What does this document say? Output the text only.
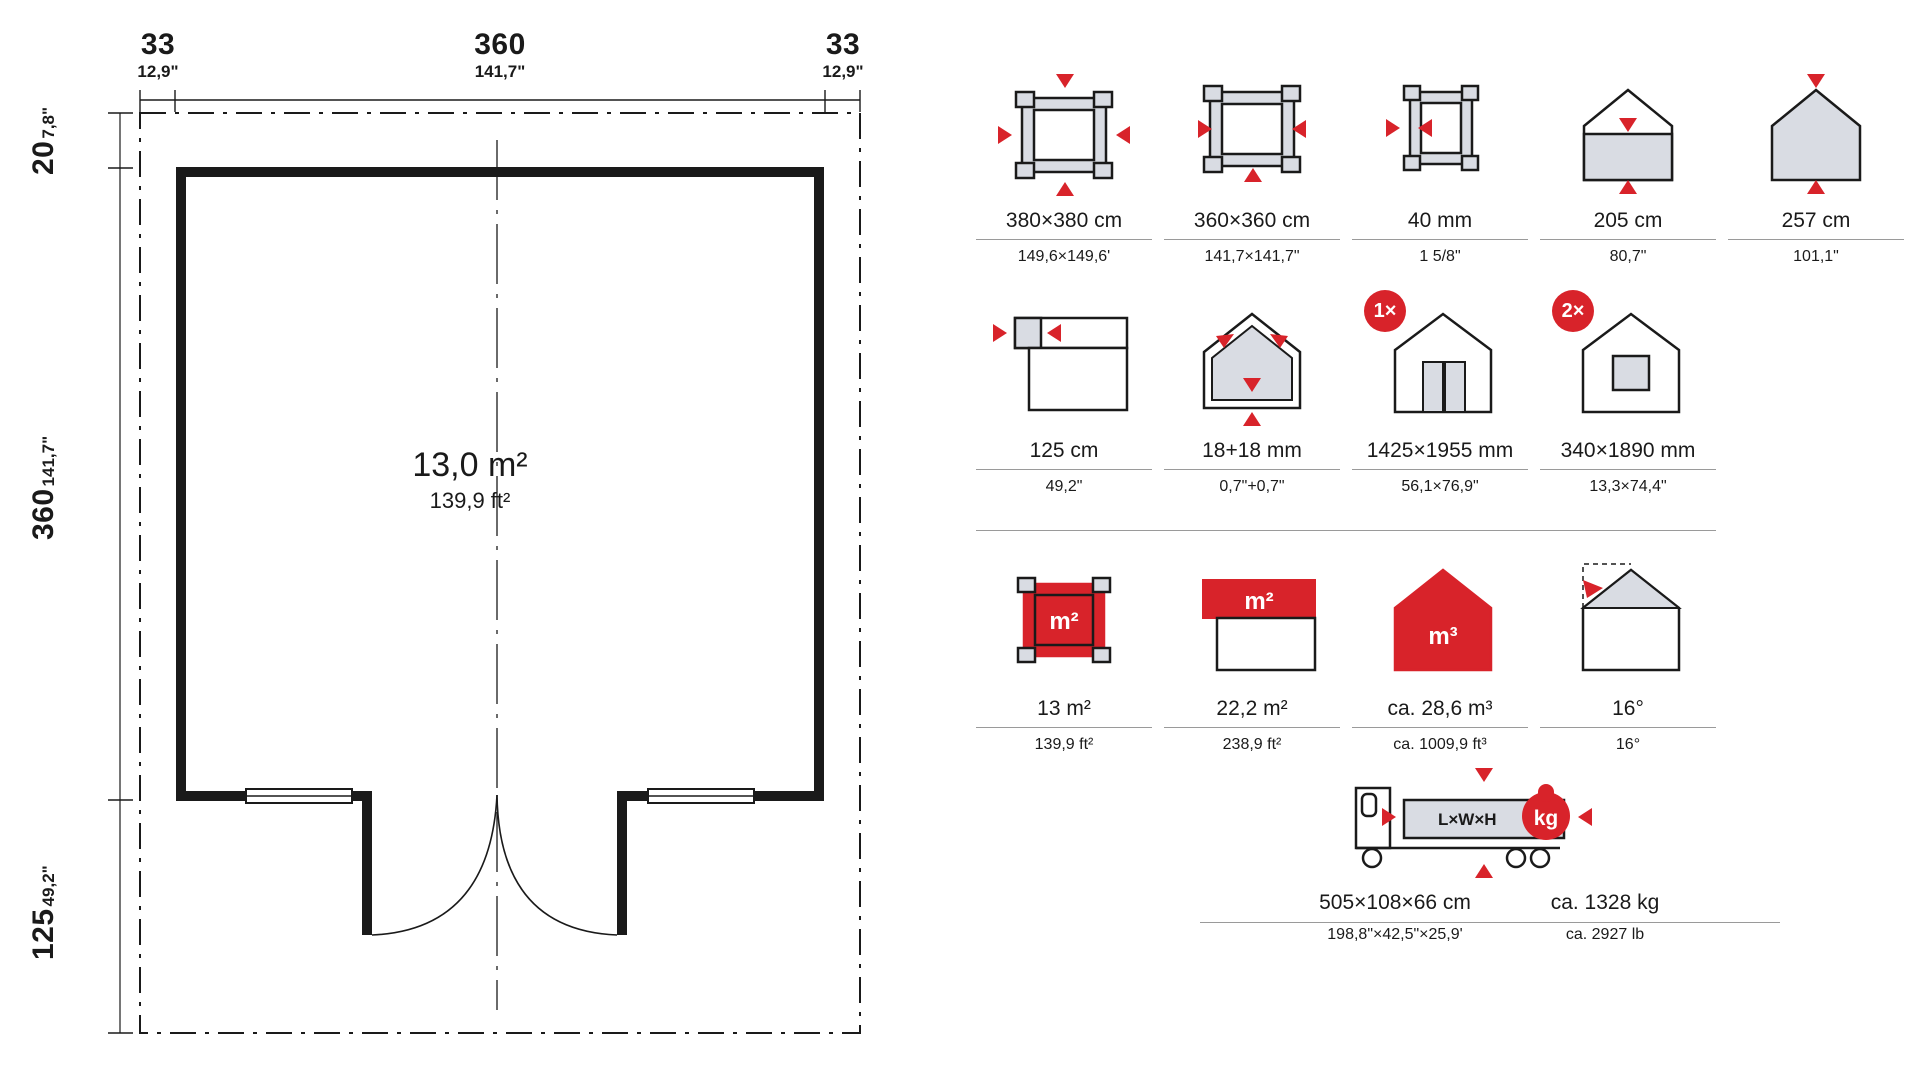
33
12,9"
360
141,7"
33
12,9"
20
7,8"
360
141,7"
125
49,2"
13,0 m²
139,9 ft²
380×380 cm
149,6×149,6'
360×360 cm
141,7×141,7"
40 mm
1 5/8"
205 cm
80,7"
257 cm
101,1"
125 cm
49,2"
18+18 mm
0,7"+0,7"
1425×1955 mm
56,1×76,9"
1×
340×1890 mm
13,3×74,4"
2×
m²
13 m²
139,9 ft²
m²
22,2 m²
238,9 ft²
m³
ca. 28,6 m³
ca. 1009,9 ft³
16°
16°
L×W×H kg
505×108×66 cm	ca. 1328 kg
198,8"×42,5"×25,9'	ca. 2927 lb
